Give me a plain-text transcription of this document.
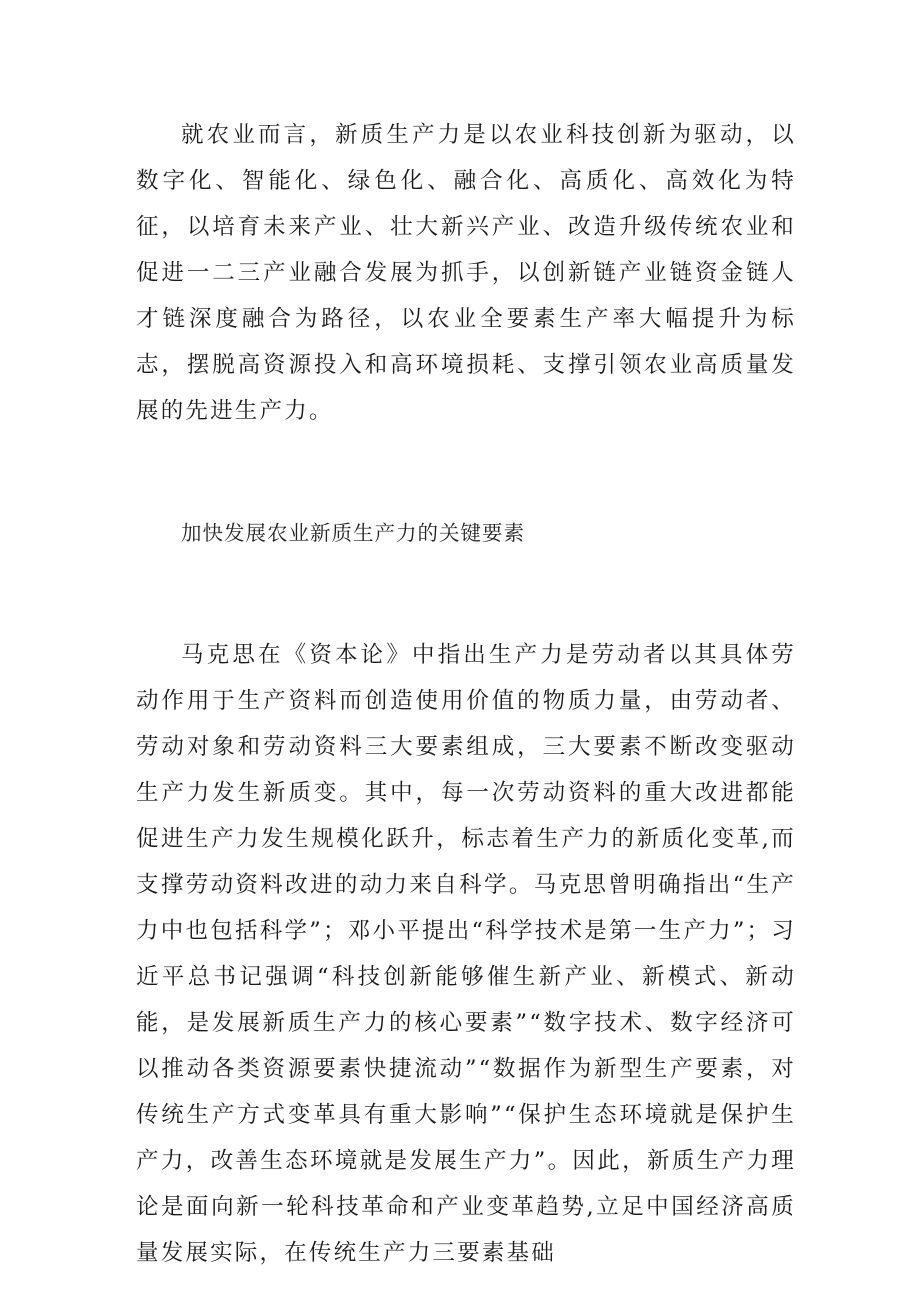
就农业而言，新质生产力是以农业科技创新为驱动，以数字化、智能化、绿色化、融合化、高质化、高效化为特征，以培育未来产业、壮大新兴产业、改造升级传统农业和促进一二三产业融合发展为抓手，以创新链产业链资金链人才链深度融合为路径，以农业全要素生产率大幅提升为标志，摆脱高资源投入和高环境损耗、支撑引领农业高质量发展的先进生产力。

加快发展农业新质生产力的关键要素

马克思在《资本论》中指出生产力是劳动者以其具体劳动作用于生产资料而创造使用价值的物质力量，由劳动者、劳动对象和劳动资料三大要素组成，三大要素不断改变驱动生产力发生新质变。其中，每一次劳动资料的重大改进都能促进生产力发生规模化跃升，标志着生产力的新质化变革,而支撑劳动资料改进的动力来自科学。马克思曾明确指出“生产力中也包括科学”；邓小平提出“科学技术是第一生产力”；习近平总书记强调“科技创新能够催生新产业、新模式、新动能，是发展新质生产力的核心要素”“数字技术、数字经济可以推动各类资源要素快捷流动”“数据作为新型生产要素，对传统生产方式变革具有重大影响”“保护生态环境就是保护生产力，改善生态环境就是发展生产力”。因此，新质生产力理论是面向新一轮科技革命和产业变革趋势,立足中国经济高质量发展实际，在传统生产力三要素基础
